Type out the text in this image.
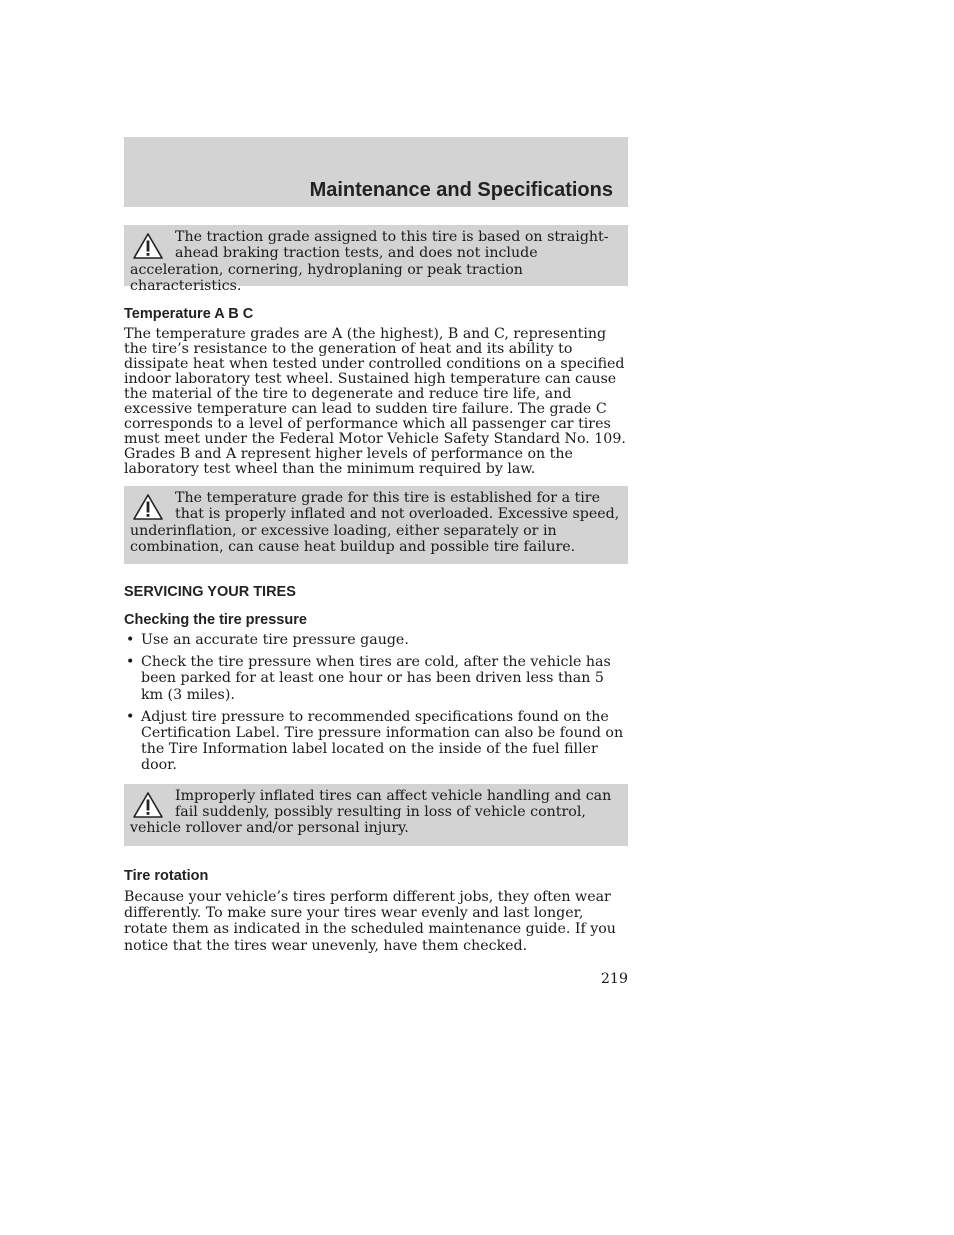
Maintenance and Specifications

The traction grade assigned to this tire is based on straight-ahead braking traction tests, and does not include acceleration, cornering, hydroplaning or peak traction characteristics.

Temperature A B C

The temperature grades are A (the highest), B and C, representing the tire’s resistance to the generation of heat and its ability to dissipate heat when tested under controlled conditions on a specified indoor laboratory test wheel. Sustained high temperature can cause the material of the tire to degenerate and reduce tire life, and excessive temperature can lead to sudden tire failure. The grade C corresponds to a level of performance which all passenger car tires must meet under the Federal Motor Vehicle Safety Standard No. 109. Grades B and A represent higher levels of performance on the laboratory test wheel than the minimum required by law.

The temperature grade for this tire is established for a tire that is properly inflated and not overloaded. Excessive speed, underinflation, or excessive loading, either separately or in combination, can cause heat buildup and possible tire failure.

SERVICING YOUR TIRES
Checking the tire pressure
• Use an accurate tire pressure gauge.
• Check the tire pressure when tires are cold, after the vehicle has been parked for at least one hour or has been driven less than 5 km (3 miles).
• Adjust tire pressure to recommended specifications found on the Certification Label. Tire pressure information can also be found on the Tire Information label located on the inside of the fuel filler door.

Improperly inflated tires can affect vehicle handling and can fail suddenly, possibly resulting in loss of vehicle control, vehicle rollover and/or personal injury.

Tire rotation

Because your vehicle’s tires perform different jobs, they often wear differently. To make sure your tires wear evenly and last longer, rotate them as indicated in the scheduled maintenance guide. If you notice that the tires wear unevenly, have them checked.

219
